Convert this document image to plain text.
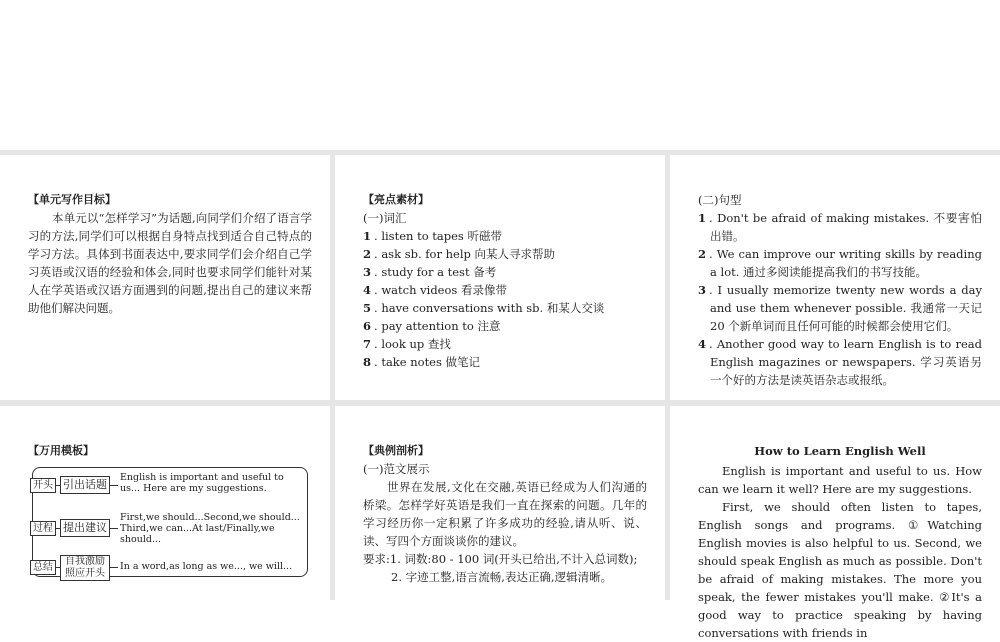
【单元写作目标】

本单元以“怎样学习”为话题,向同学们介绍了语言学习的方法,同学们可以根据自身特点找到适合自己特点的学习方法。具体到书面表达中,要求同学们会介绍自己学习英语或汉语的经验和体会,同时也要求同学们能针对某人在学英语或汉语方面遇到的问题,提出自己的建议来帮助他们解决问题。

【亮点素材】
(一)词汇
1 . listen to tapes 听磁带
2 . ask sb. for help 向某人寻求帮助
3 . study for a test 备考
4 . watch videos 看录像带
5 . have conversations with sb. 和某人交谈
6 . pay attention to 注意
7 . look up 查找
8 . take notes 做笔记
(二)句型
1 . Don't be afraid of making mistakes. 不要害怕出错。
2 . We can improve our writing skills by reading a lot. 通过多阅读能提高我们的书写技能。
3 . I usually memorize twenty new words a day and use them whenever possible. 我通常一天记 20 个新单词而且任何可能的时候都会使用它们。
4 . Another good way to learn English is to read English magazines or newspapers. 学习英语另一个好的方法是读英语杂志或报纸。
【万用模板】
开头 引出话题
English is important and useful to us... Here are my suggestions.
过程 提出建议
First,we should...Second,we should... Third,we can...At last/Finally,we should...
总结
自我激励 照应开头
In a word,as long as we..., we will...
【典例剖析】
(一)范文展示

世界在发展,文化在交融,英语已经成为人们沟通的桥梁。怎样学好英语是我们一直在探索的问题。几年的学习经历你一定积累了许多成功的经验,请从听、说、读、写四个方面谈谈你的建议。

要求:1. 词数:80 - 100 词(开头已给出,不计入总词数);
2. 字迹工整,语言流畅,表达正确,逻辑清晰。
How to Learn English Well

English is important and useful to us. How can we learn it well? Here are my suggestions.

First, we should often listen to tapes, English songs and programs. ①Watching English movies is also helpful to us. Second, we should speak English as much as possible. Don't be afraid of making mistakes. The more you speak, the fewer mistakes you'll make. ②It's a good way to practice speaking by having conversations with friends in
